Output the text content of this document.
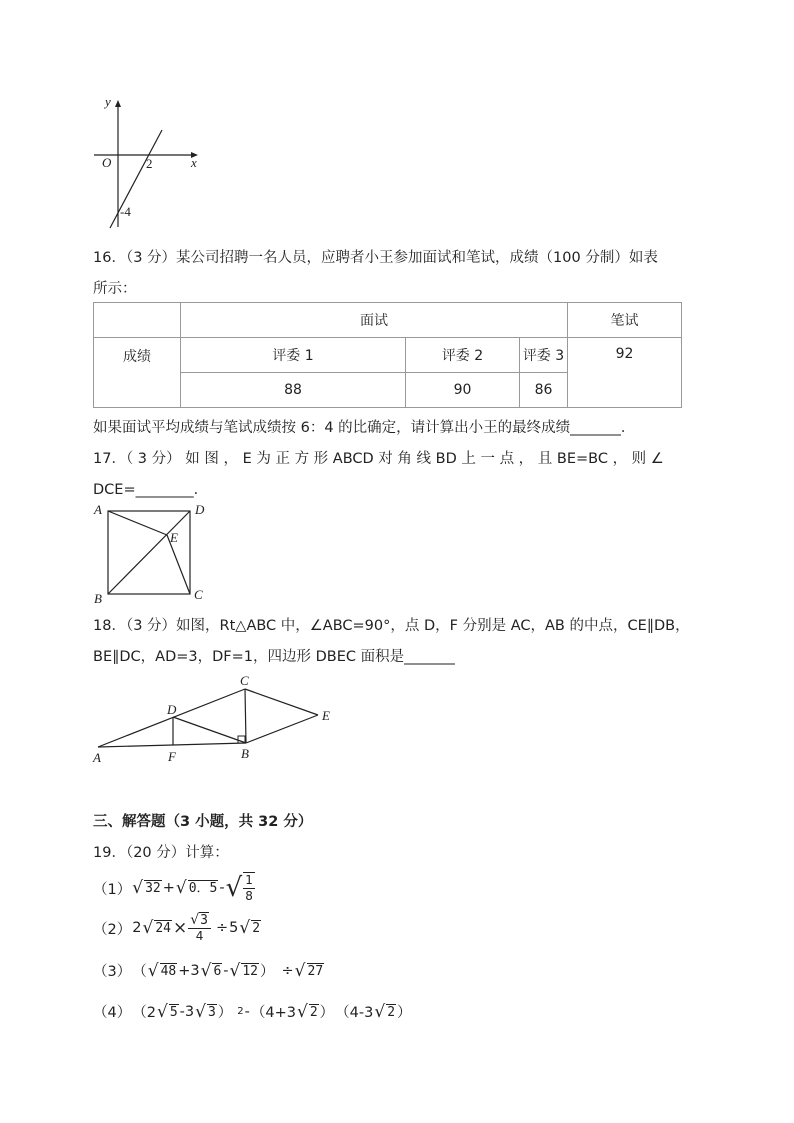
y
x
O	2
-4
16．（3 分）某公司招聘一名人员，应聘者小王参加面试和笔试，成绩（100 分制）如表
所示：
	面试			笔试
成绩	评委 1	评委 2	评委 3	92
	88	90	86	
如果面试平均成绩与笔试成绩按 6：4 的比确定，请计算出小王的最终成绩_______．
17．（ 3 分） 如 图 ， E 为 正 方 形 ABCD 对 角 线 BD 上 一 点 ， 且 BE=BC ， 则 ∠
DCE=________．
A	D
B	C
E
18．（3 分）如图，Rt△ABC 中，∠ABC=90°，点 D，F 分别是 AC，AB 的中点，CE∥DB，
BE∥DC，AD=3，DF=1，四边形 DBEC 面积是_______
A	F	B
D
C
E
三、解答题（3 小题，共 32 分）
19．（20 分）计算：
（1） √ 32 + √ 0．5 - √ $\frac{1}{8}$
（2） 2 √ $24 \times \frac{√3}{4} \div 5$ √ 2
（3） （ √ 48 +3 √ 6 - √ 12 ） ÷ √ 27
（4） （2 √ 5 -3 √ 3 ） 2 - （4+3 √ 2 ） （4-3 √ 2 ）
